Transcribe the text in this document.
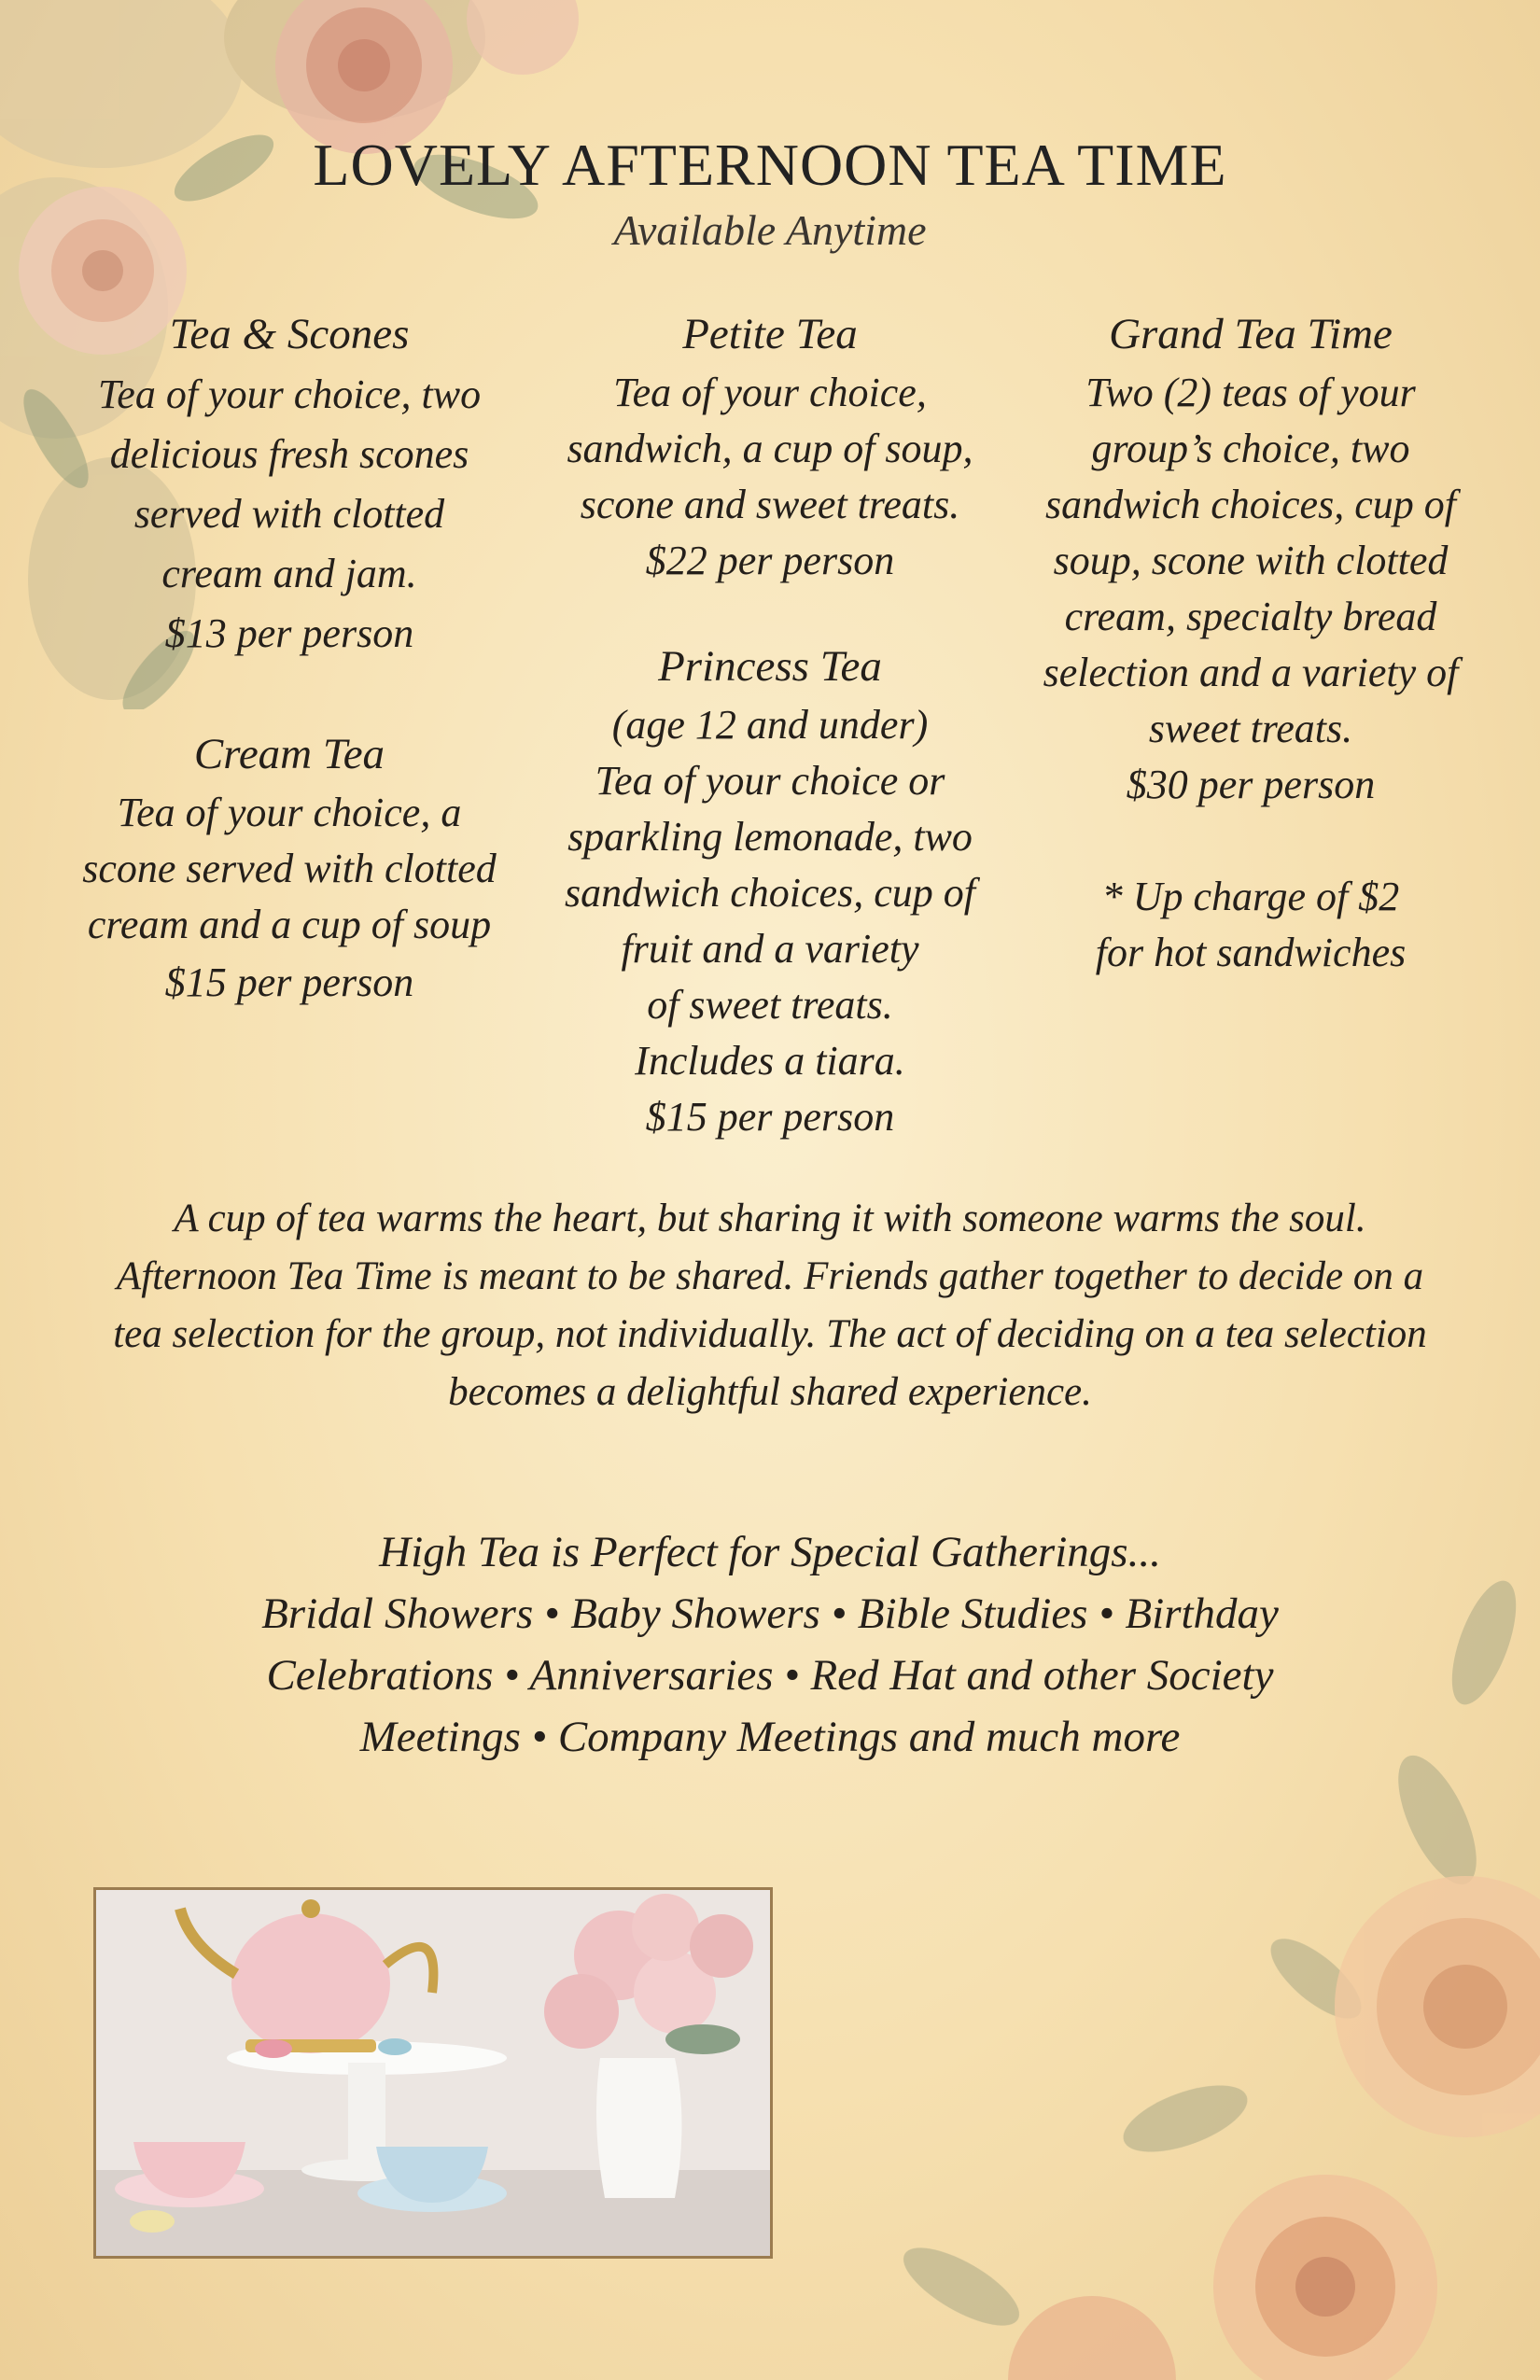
LOVELY AFTERNOON TEA TIME
Available Anytime
Tea & Scones
Tea of your choice, two
delicious fresh scones
served with clotted
cream and jam.
$13 per person
Cream Tea
Tea of your choice, a
scone served with clotted
cream and a cup of soup
$15 per person
Petite Tea
Tea of your choice,
sandwich, a cup of soup,
scone and sweet treats.
$22 per person
Princess Tea
(age 12 and under)
Tea of your choice or
sparkling lemonade, two
sandwich choices, cup of
fruit and a variety
of sweet treats.
Includes a tiara.
$15 per person
Grand Tea Time
Two (2) teas of your
group’s choice, two
sandwich choices, cup of
soup, scone with clotted
cream, specialty bread
selection and a variety of
sweet treats.
$30 per person
* Up charge of $2
for hot sandwiches
A cup of tea warms the heart, but sharing it with someone warms the soul.
Afternoon Tea Time is meant to be shared. Friends gather together to decide on a tea selection for the group, not individually. The act of deciding on a tea selection becomes a delightful shared experience.
High Tea is Perfect for Special Gatherings...
Bridal Showers • Baby Showers • Bible Studies • Birthday Celebrations • Anniversaries • Red Hat and other Society Meetings • Company Meetings and much more
